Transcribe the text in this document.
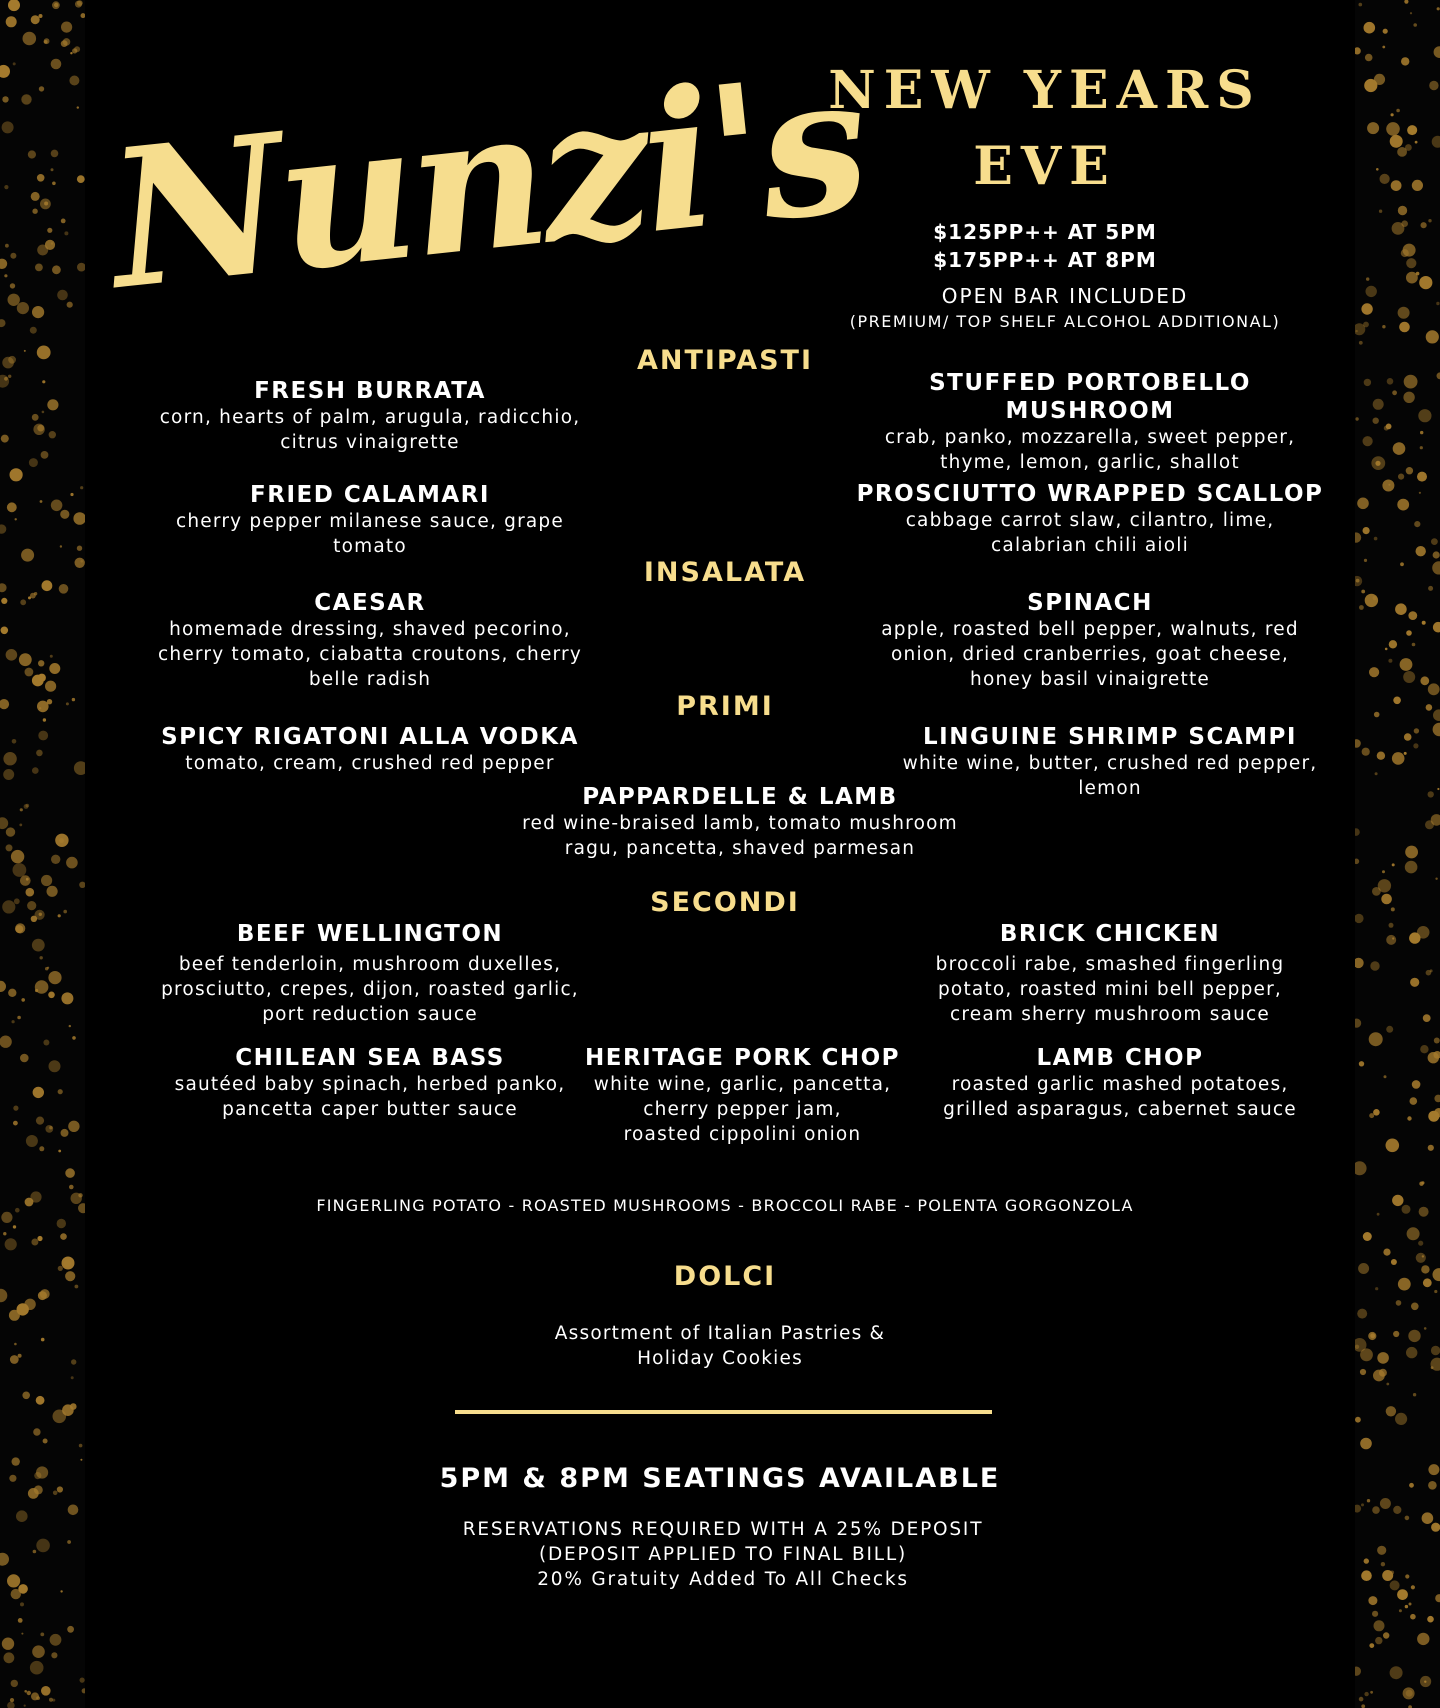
Nunzi's
NEW YEARS
EVE
$125PP++ AT 5PM
$175PP++ AT 8PM
OPEN BAR INCLUDED
(PREMIUM/ TOP SHELF ALCOHOL ADDITIONAL)
ANTIPASTI
FRESH BURRATA
corn, hearts of palm, arugula, radicchio,
citrus vinaigrette
STUFFED PORTOBELLO MUSHROOM
crab, panko, mozzarella, sweet pepper,
thyme, lemon, garlic, shallot
FRIED CALAMARI
cherry pepper milanese sauce, grape
tomato
PROSCIUTTO WRAPPED SCALLOP
cabbage carrot slaw, cilantro, lime,
calabrian chili aioli
INSALATA
CAESAR
homemade dressing, shaved pecorino,
cherry tomato, ciabatta croutons, cherry
belle radish
SPINACH
apple, roasted bell pepper, walnuts, red
onion, dried cranberries, goat cheese,
honey basil vinaigrette
PRIMI
SPICY RIGATONI ALLA VODKA
tomato, cream, crushed red pepper
LINGUINE SHRIMP SCAMPI
white wine, butter, crushed red pepper,
lemon
PAPPARDELLE & LAMB
red wine-braised lamb, tomato mushroom
ragu, pancetta, shaved parmesan
SECONDI
BEEF WELLINGTON
beef tenderloin, mushroom duxelles,
prosciutto, crepes, dijon, roasted garlic,
port reduction sauce
BRICK CHICKEN
broccoli rabe, smashed fingerling
potato, roasted mini bell pepper,
cream sherry mushroom sauce
CHILEAN SEA BASS
sautéed baby spinach, herbed panko,
pancetta caper butter sauce
HERITAGE PORK CHOP
white wine, garlic, pancetta,
cherry pepper jam,
roasted cippolini onion
LAMB CHOP
roasted garlic mashed potatoes,
grilled asparagus, cabernet sauce
FINGERLING POTATO - ROASTED MUSHROOMS - BROCCOLI RABE - POLENTA GORGONZOLA
DOLCI
Assortment of Italian Pastries &
Holiday Cookies
5PM & 8PM SEATINGS AVAILABLE
RESERVATIONS REQUIRED WITH A 25% DEPOSIT
(DEPOSIT APPLIED TO FINAL BILL)
20% Gratuity Added To All Checks
